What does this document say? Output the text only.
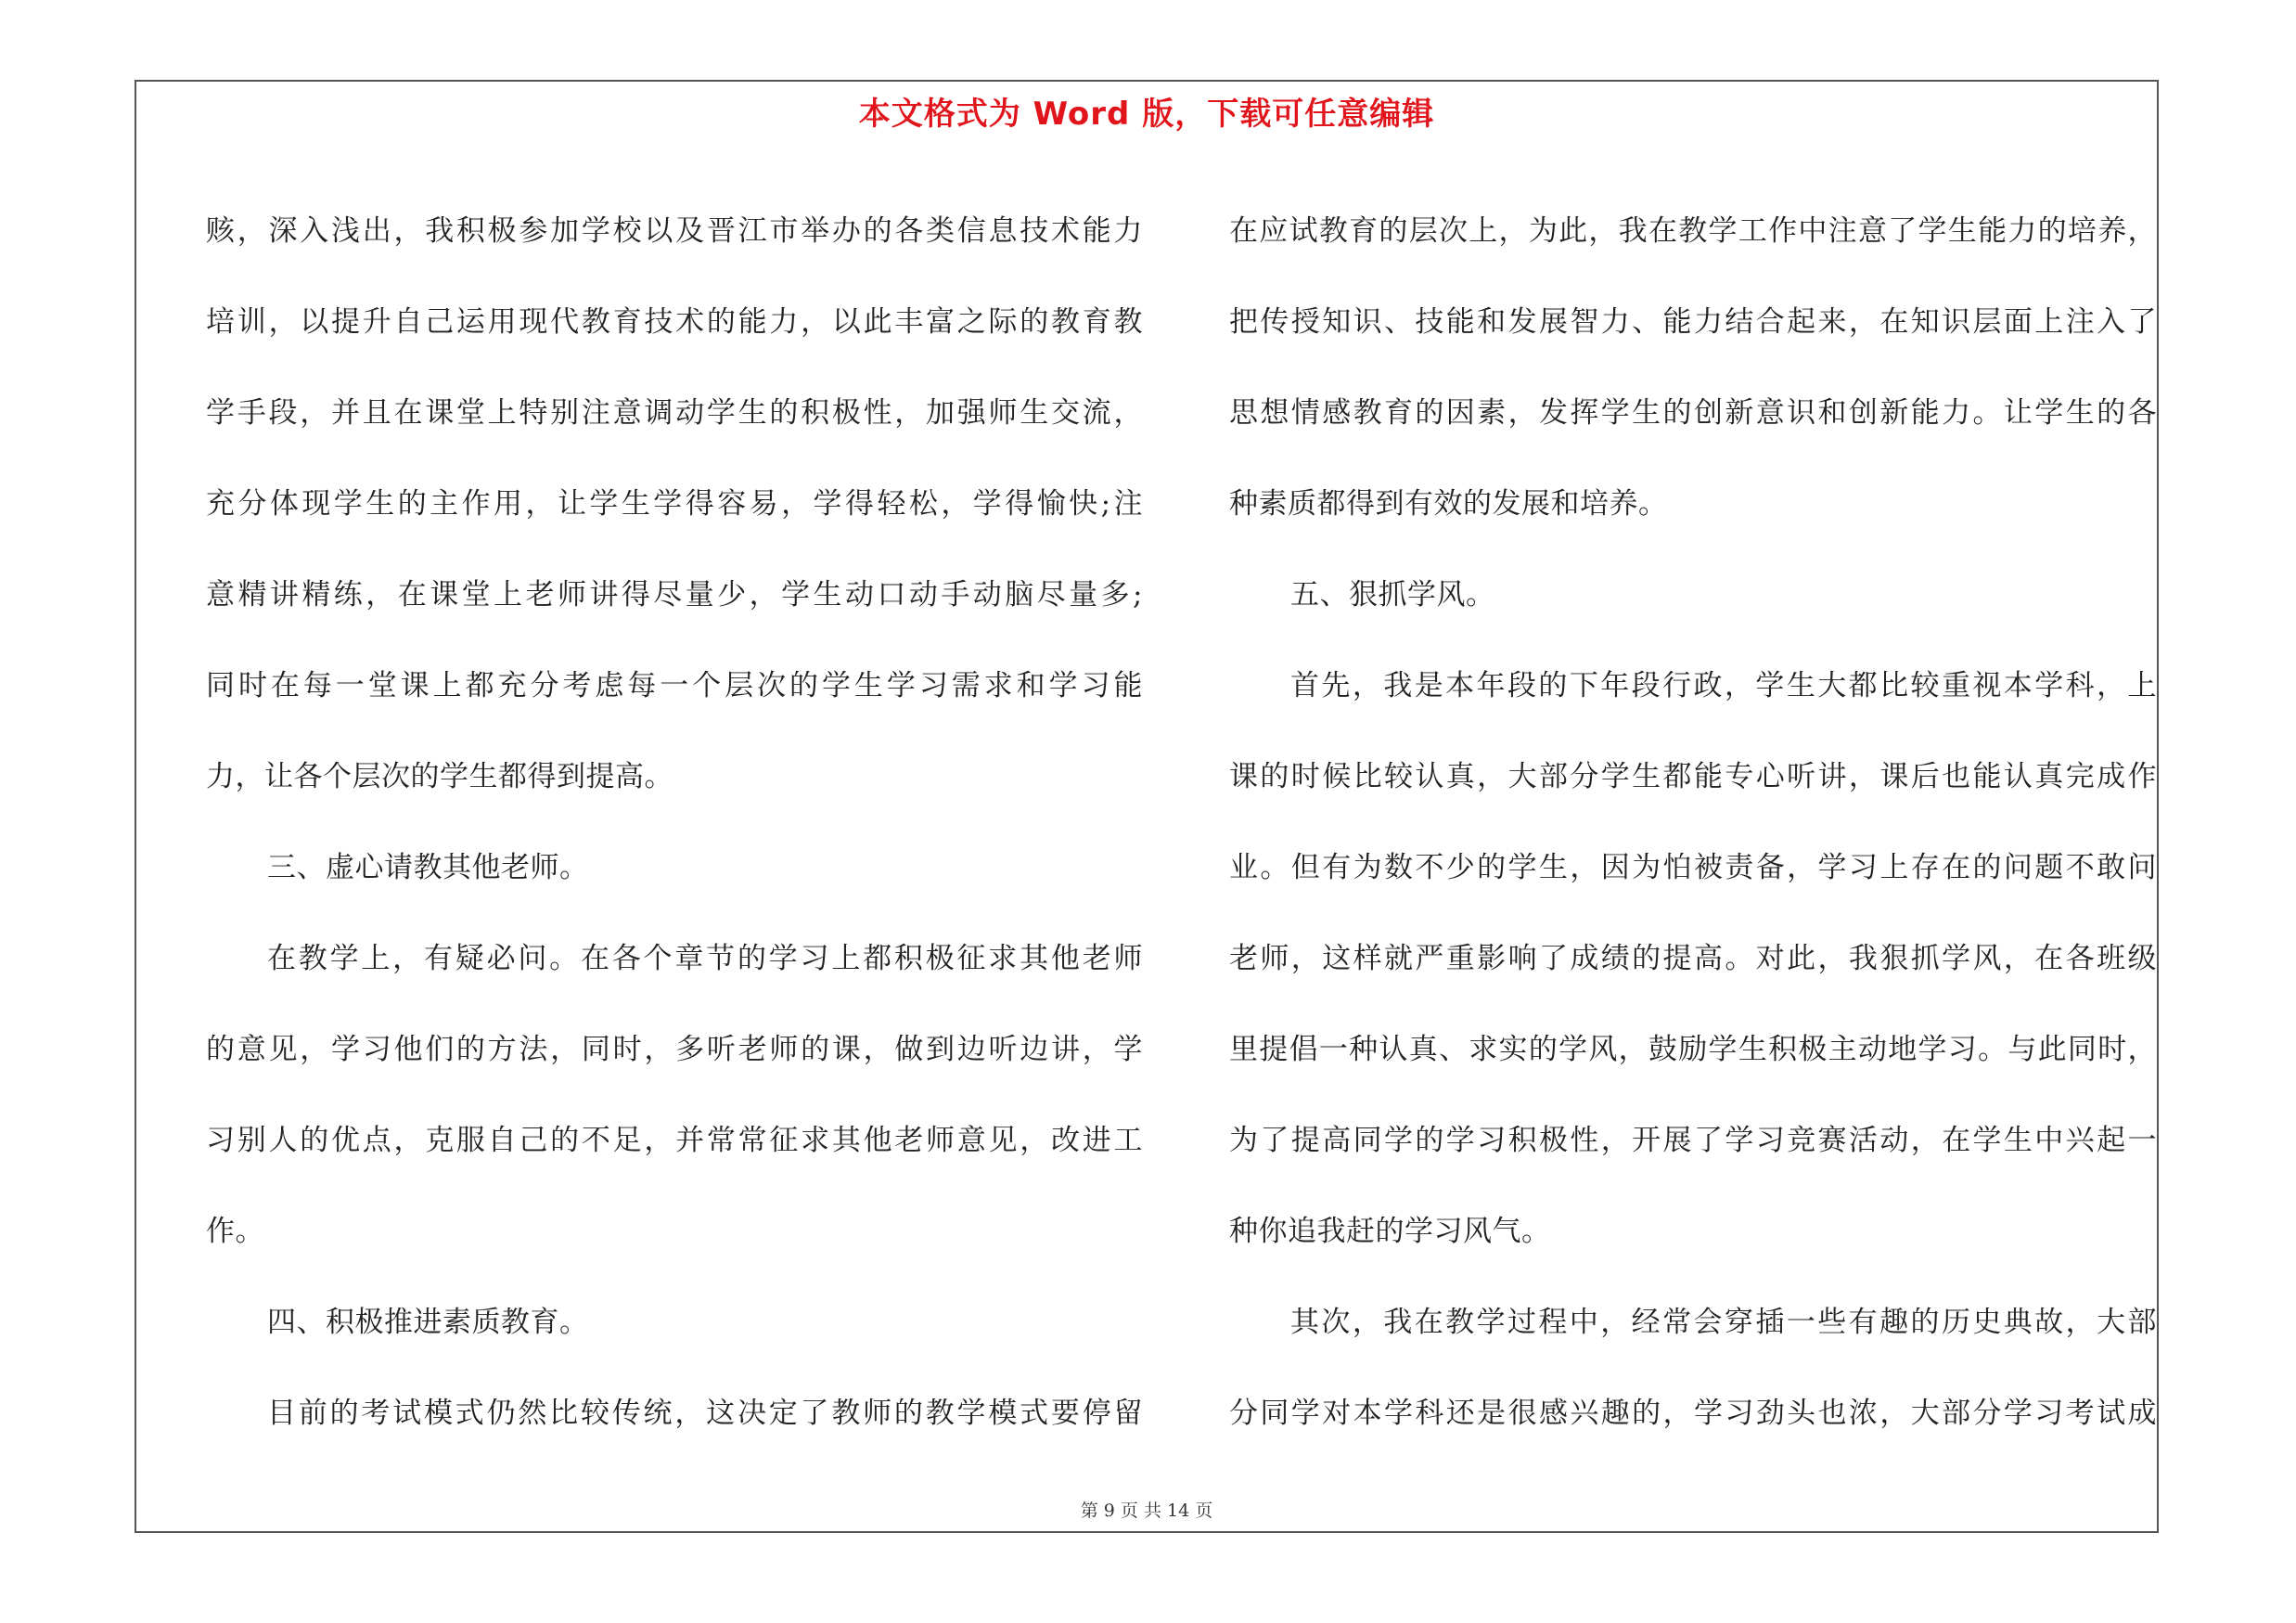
本文格式为 Word 版，下载可任意编辑
赅，深入浅出，我积极参加学校以及晋江市举办的各类信息技术能力
培训，以提升自己运用现代教育技术的能力，以此丰富之际的教育教
学手段，并且在课堂上特别注意调动学生的积极性，加强师生交流，
充分体现学生的主作用，让学生学得容易，学得轻松，学得愉快;注
意精讲精练，在课堂上老师讲得尽量少，学生动口动手动脑尽量多;
同时在每一堂课上都充分考虑每一个层次的学生学习需求和学习能
力，让各个层次的学生都得到提高。
三、虚心请教其他老师。
在教学上，有疑必问。在各个章节的学习上都积极征求其他老师
的意见，学习他们的方法，同时，多听老师的课，做到边听边讲，学
习别人的优点，克服自己的不足，并常常征求其他老师意见，改进工
作。
四、积极推进素质教育。
目前的考试模式仍然比较传统，这决定了教师的教学模式要停留
在应试教育的层次上，为此，我在教学工作中注意了学生能力的培养，
把传授知识、技能和发展智力、能力结合起来，在知识层面上注入了
思想情感教育的因素，发挥学生的创新意识和创新能力。让学生的各
种素质都得到有效的发展和培养。
五、狠抓学风。
首先，我是本年段的下年段行政，学生大都比较重视本学科，上
课的时候比较认真，大部分学生都能专心听讲，课后也能认真完成作
业。但有为数不少的学生，因为怕被责备，学习上存在的问题不敢问
老师，这样就严重影响了成绩的提高。对此，我狠抓学风，在各班级
里提倡一种认真、求实的学风，鼓励学生积极主动地学习。与此同时，
为了提高同学的学习积极性，开展了学习竞赛活动，在学生中兴起一
种你追我赶的学习风气。
其次，我在教学过程中，经常会穿插一些有趣的历史典故，大部
分同学对本学科还是很感兴趣的，学习劲头也浓，大部分学习考试成
第 9 页 共 14 页
